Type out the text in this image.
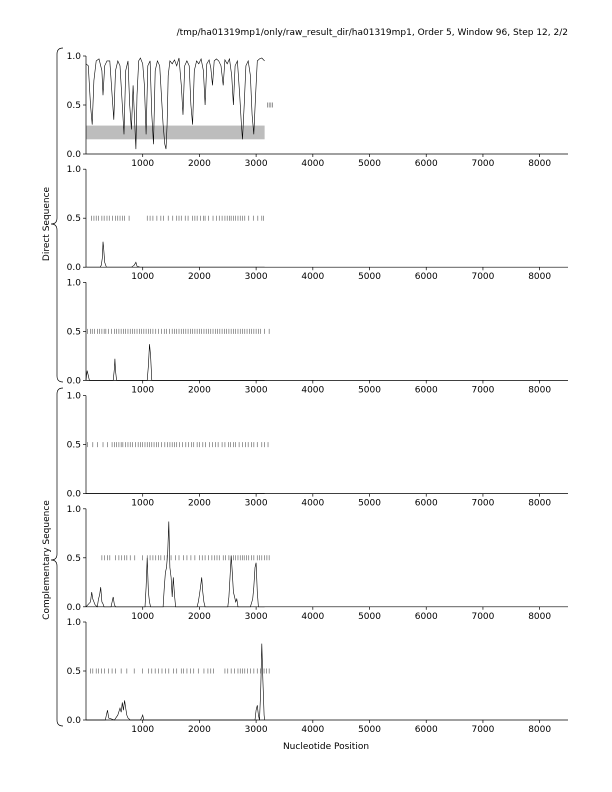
/tmp/ha01319mp1/only/raw_result_dir/ha01319mp1, Order 5, Window 96, Step 12, 2/2
0.0
0.5
1.0
1000	2000	3000	4000	5000	6000	7000	8000
0.0
0.5
1.0
1000	2000	3000	4000	5000	6000	7000	8000
0.0
0.5
1.0
1000	2000	3000	4000	5000	6000	7000	8000
0.0
0.5
1.0
1000	2000	3000	4000	5000	6000	7000	8000
0.0
0.5
1.0
1000	2000	3000	4000	5000	6000	7000	8000
0.0
0.5
1.0
1000	2000	3000	4000	5000	6000	7000	8000
Direct Sequence
Complementary Sequence
Nucleotide Position
